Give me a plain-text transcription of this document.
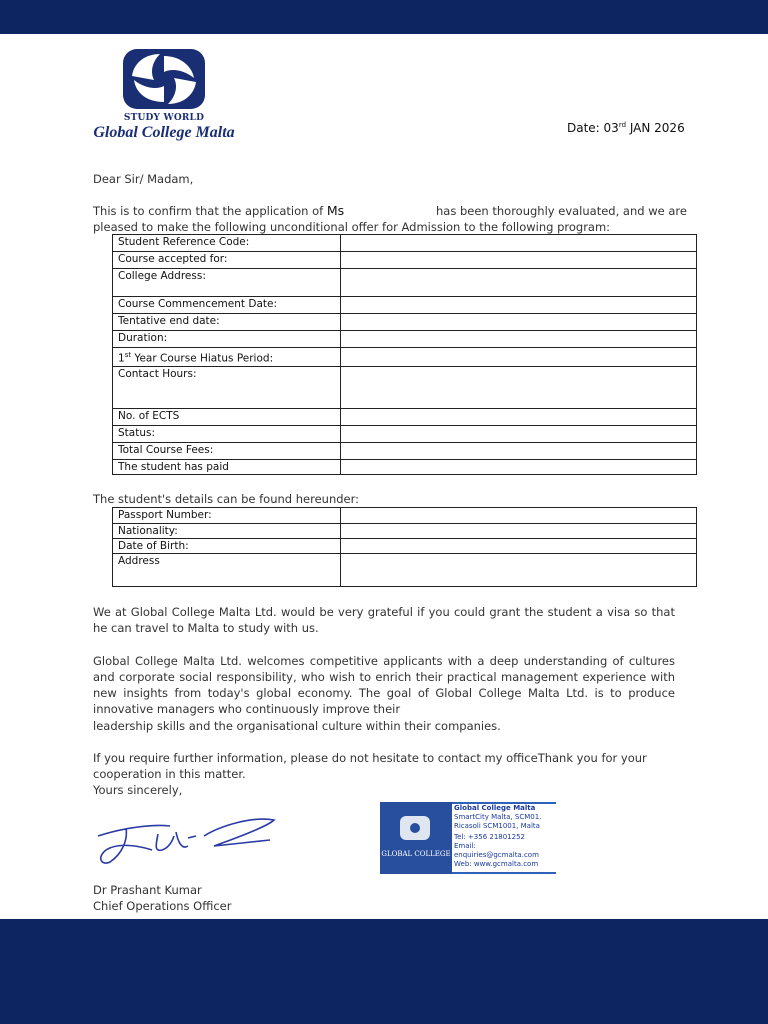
STUDY WORLD
Global College Malta	Date: 03rd JAN 2026
Dear Sir/ Madam,
This is to confirm that the application of Ms	has been thoroughly evaluated, and we are
pleased to make the following unconditional offer for Admission to the following program:
Student Reference Code:	
Course accepted for:	
College Address:	
Course Commencement Date:	
Tentative end date:	
Duration:	
1st Year Course Hiatus Period:	
Contact Hours:	
No. of ECTS	
Status:	
Total Course Fees:	
The student has paid	
The student's details can be found hereunder:
Passport Number:	
Nationality:	
Date of Birth:	
Address	
We at Global College Malta Ltd. would be very grateful if you could grant the student a visa so that he can travel to Malta to study with us.
Global College Malta Ltd. welcomes competitive applicants with a deep understanding of cultures and corporate social responsibility, who wish to enrich their practical management experience with new insights from today's global economy. The goal of Global College Malta Ltd. is to produce innovative managers who continuously improve their
leadership skills and the organisational culture within their companies.
If you require further information, please do not hesitate to contact my officeThank you for your
cooperation in this matter.
Yours sincerely,
Dr Prashant Kumar
Chief Operations Officer
GLOBAL COLLEGE
Global College Malta
SmartCity Malta, SCM01.
Ricasoli SCM1001, Malta
Tel: +356 21801252
Email: enquiries@gcmalta.com
Web: www.gcmalta.com
